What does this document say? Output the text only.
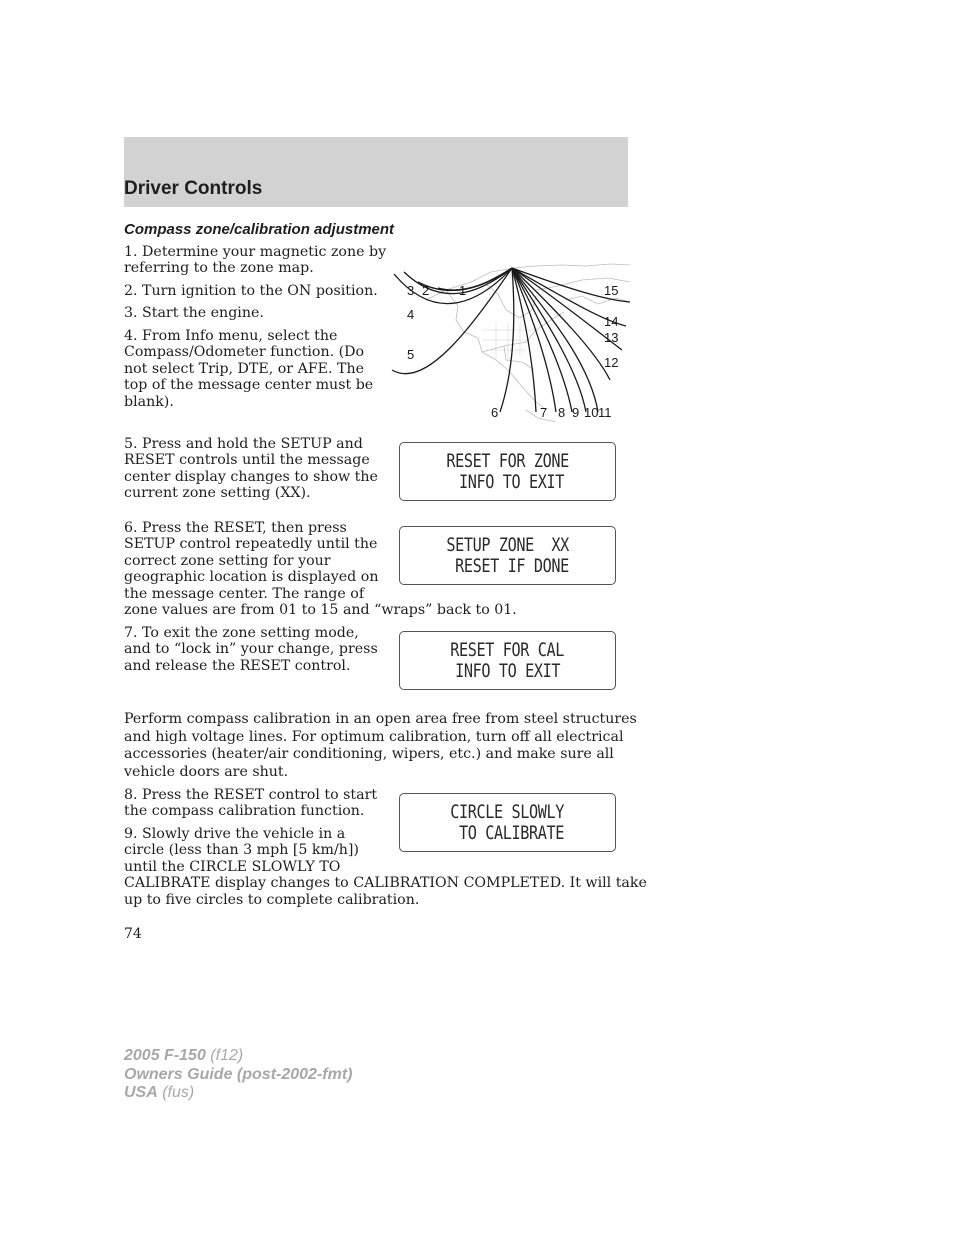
Driver Controls
Compass zone/calibration adjustment
1. Determine your magnetic zone by
referring to the zone map.
2. Turn ignition to the ON position.
3. Start the engine.
4. From Info menu, select the
Compass/Odometer function. (Do
not select Trip, DTE, or AFE. The
top of the message center must be
blank).
1
2
3
4
5
6	7 8 9 10 11
12
13
14
15
5. Press and hold the SETUP and
RESET controls until the message
center display changes to show the
current zone setting (XX).
RESET FOR ZONE
INFO TO EXIT
6. Press the RESET, then press
SETUP control repeatedly until the
correct zone setting for your
geographic location is displayed on
the message center. The range of
zone values are from 01 to 15 and “wraps” back to 01.
SETUP ZONE  XX
RESET IF DONE
7. To exit the zone setting mode,
and to “lock in” your change, press
and release the RESET control.
RESET FOR CAL
INFO TO EXIT
Perform compass calibration in an open area free from steel structures
and high voltage lines. For optimum calibration, turn off all electrical
accessories (heater/air conditioning, wipers, etc.) and make sure all
vehicle doors are shut.
8. Press the RESET control to start
the compass calibration function.
9. Slowly drive the vehicle in a
circle (less than 3 mph [5 km/h])
until the CIRCLE SLOWLY TO
CALIBRATE display changes to CALIBRATION COMPLETED. It will take
up to five circles to complete calibration.
CIRCLE SLOWLY
TO CALIBRATE
74
2005 F-150 (f12)
Owners Guide (post-2002-fmt)
USA (fus)
